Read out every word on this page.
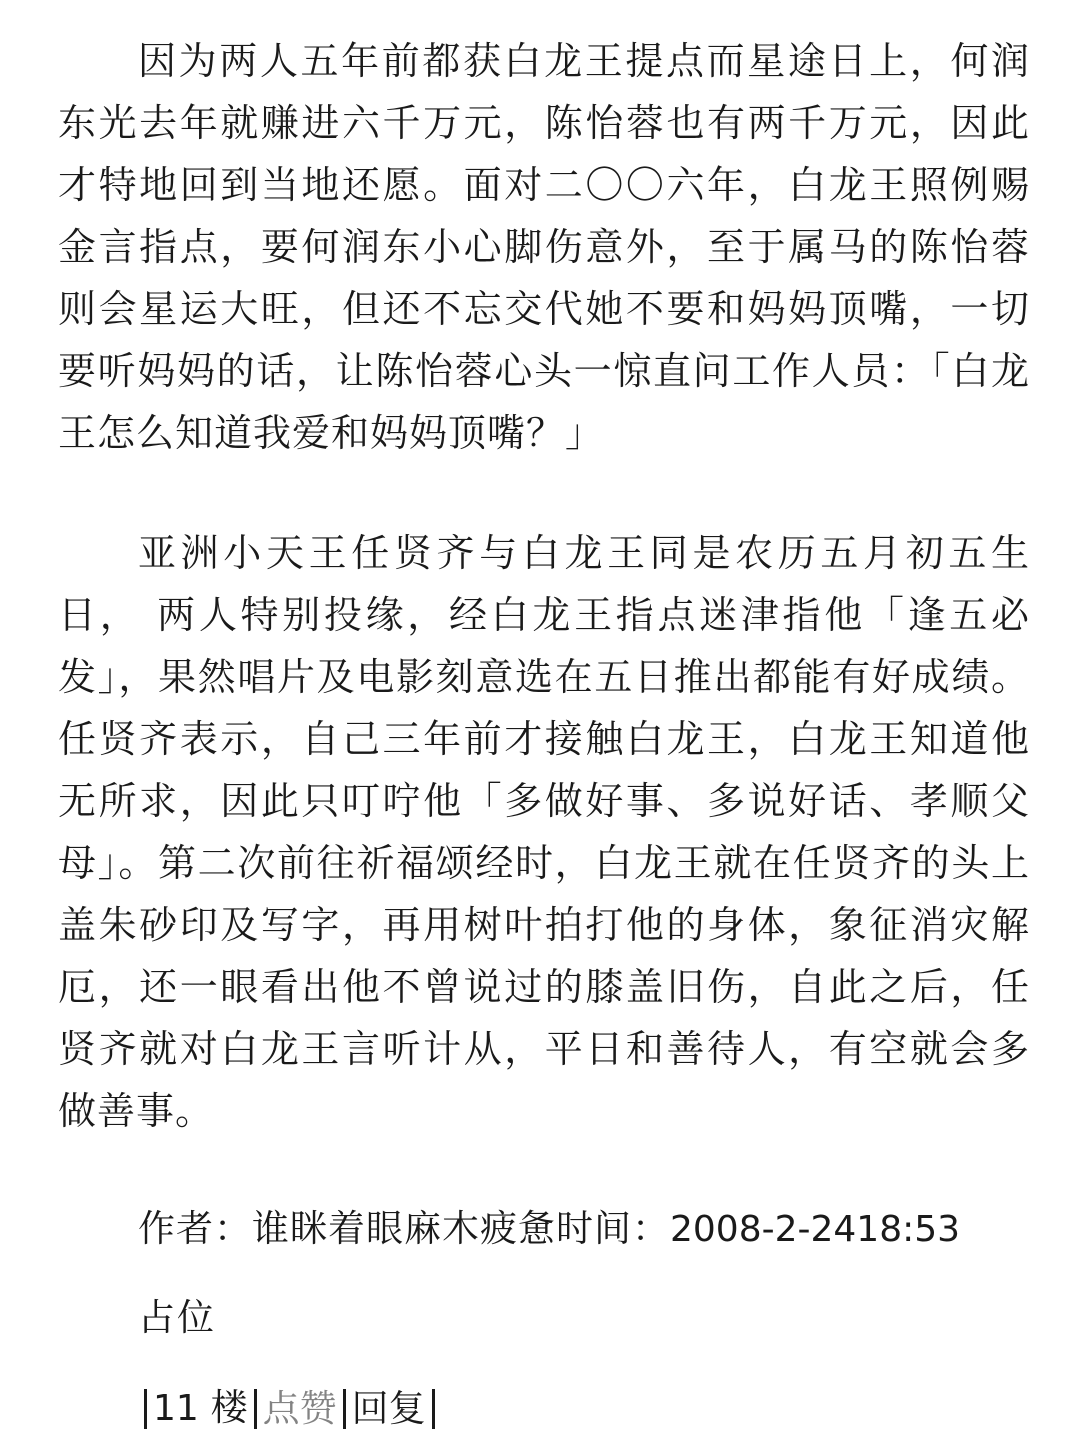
因为两人五年前都获白龙王提点而星途日上，何润东光去年就赚进六千万元，陈怡蓉也有两千万元，因此才特地回到当地还愿。面对二〇〇六年，白龙王照例赐金言指点，要何润东小心脚伤意外，至于属马的陈怡蓉则会星运大旺，但还不忘交代她不要和妈妈顶嘴，一切要听妈妈的话，让陈怡蓉心头一惊直问工作人员：「白龙王怎么知道我爱和妈妈顶嘴？」

亚洲小天王任贤齐与白龙王同是农历五月初五生日， 两人特别投缘，经白龙王指点迷津指他「逢五必发」，果然唱片及电影刻意选在五日推出都能有好成绩。任贤齐表示，自己三年前才接触白龙王，白龙王知道他无所求，因此只叮咛他「多做好事、多说好话、孝顺父母」。第二次前往祈福颂经时，白龙王就在任贤齐的头上盖朱砂印及写字，再用树叶拍打他的身体，象征消灾解厄，还一眼看出他不曾说过的膝盖旧伤，自此之后，任贤齐就对白龙王言听计从，平日和善待人，有空就会多做善事。

作者：谁眯着眼麻木疲惫时间：2008-2-2418:53
占位
11 楼 点赞 回复
